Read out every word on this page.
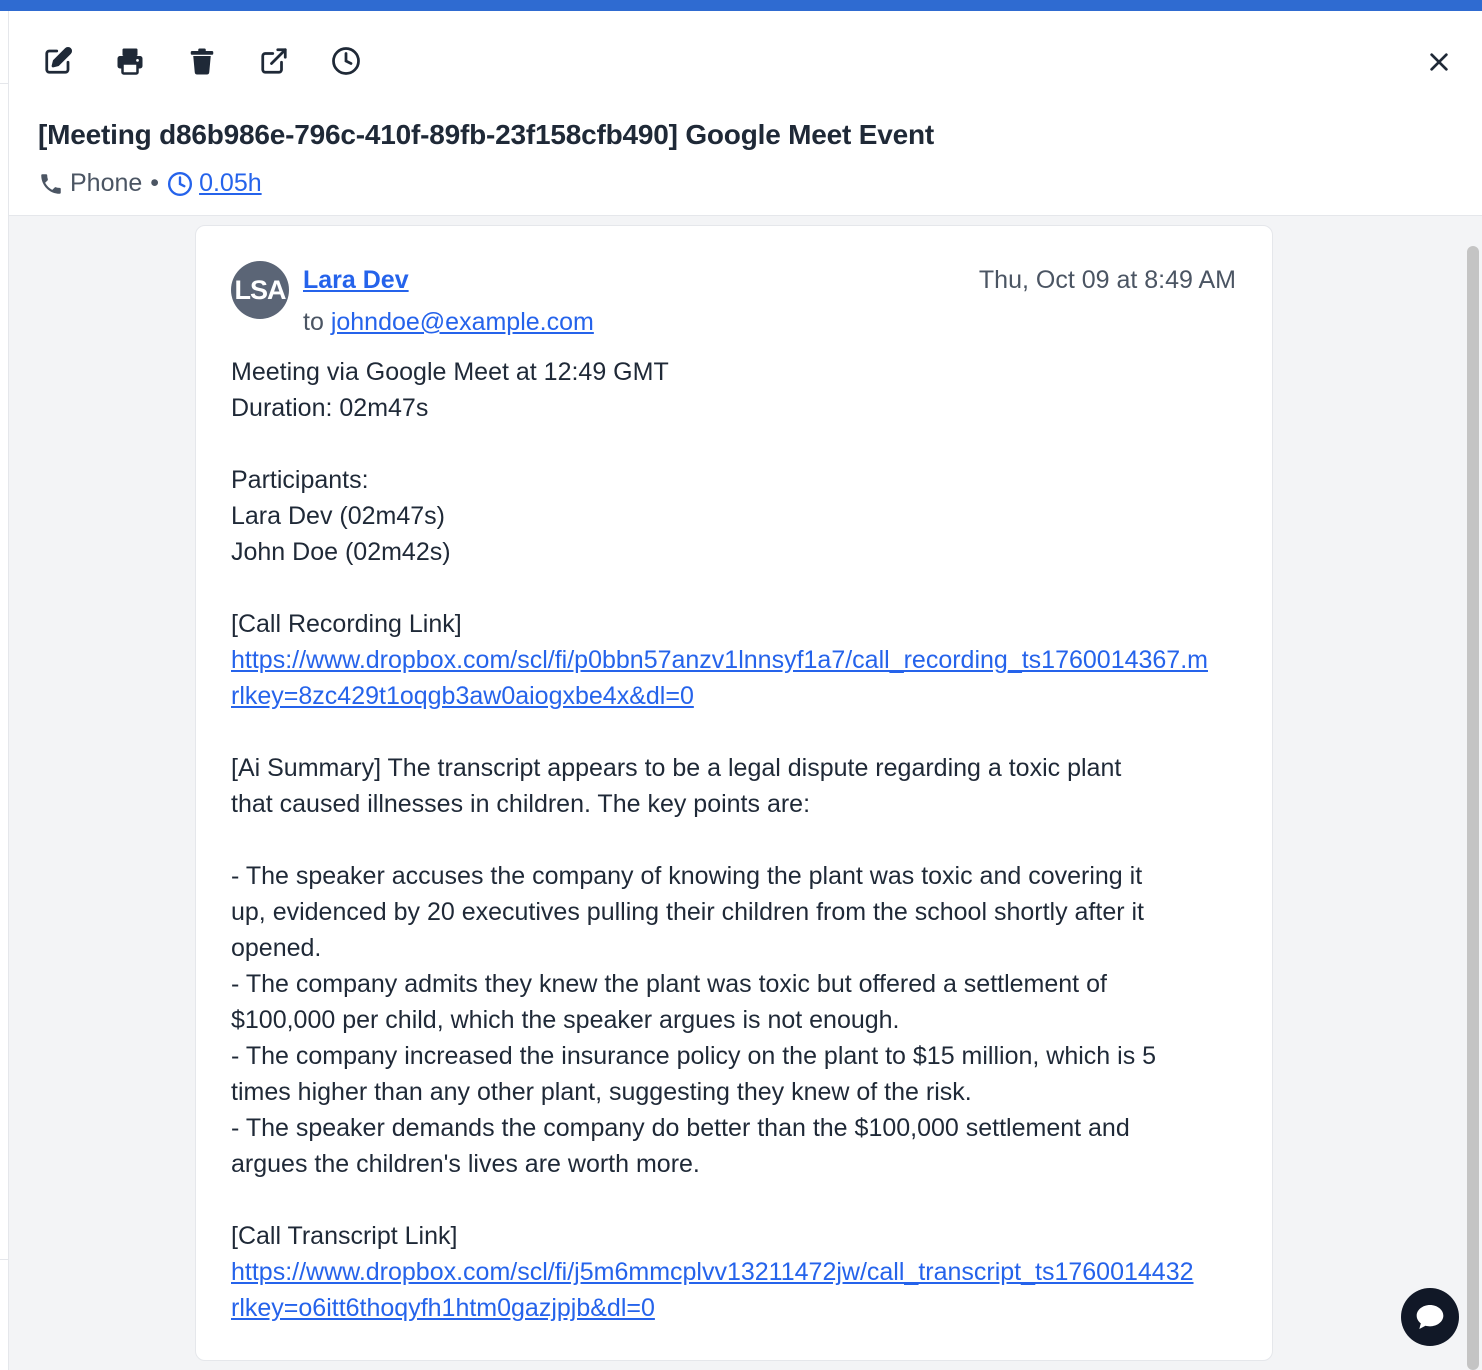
[Meeting d86b986e-796c-410f-89fb-23f158cfb490] Google Meet Event
Phone • 0.05h
LSA Lara Dev
to johndoe@example.com
Thu, Oct 09 at 8:49 AM

Meeting via Google Meet at 12:49 GMT

Duration: 02m47s

Participants:

Lara Dev (02m47s)

John Doe (02m42s)

[Call Recording Link]

https://www.dropbox.com/scl/fi/p0bbn57anzv1lnnsyf1a7/call_recording_ts1760014367.m

rlkey=8zc429t1oqgb3aw0aiogxbe4x&dl=0

[Ai Summary] The transcript appears to be a legal dispute regarding a toxic plant

that caused illnesses in children. The key points are:

- The speaker accuses the company of knowing the plant was toxic and covering it

up, evidenced by 20 executives pulling their children from the school shortly after it

opened.

- The company admits they knew the plant was toxic but offered a settlement of

$100,000 per child, which the speaker argues is not enough.

- The company increased the insurance policy on the plant to $15 million, which is 5

times higher than any other plant, suggesting they knew of the risk.

- The speaker demands the company do better than the $100,000 settlement and

argues the children's lives are worth more.

[Call Transcript Link]

https://www.dropbox.com/scl/fi/j5m6mmcplvv13211472jw/call_transcript_ts1760014432

rlkey=o6itt6thoqyfh1htm0gazjpjb&dl=0
